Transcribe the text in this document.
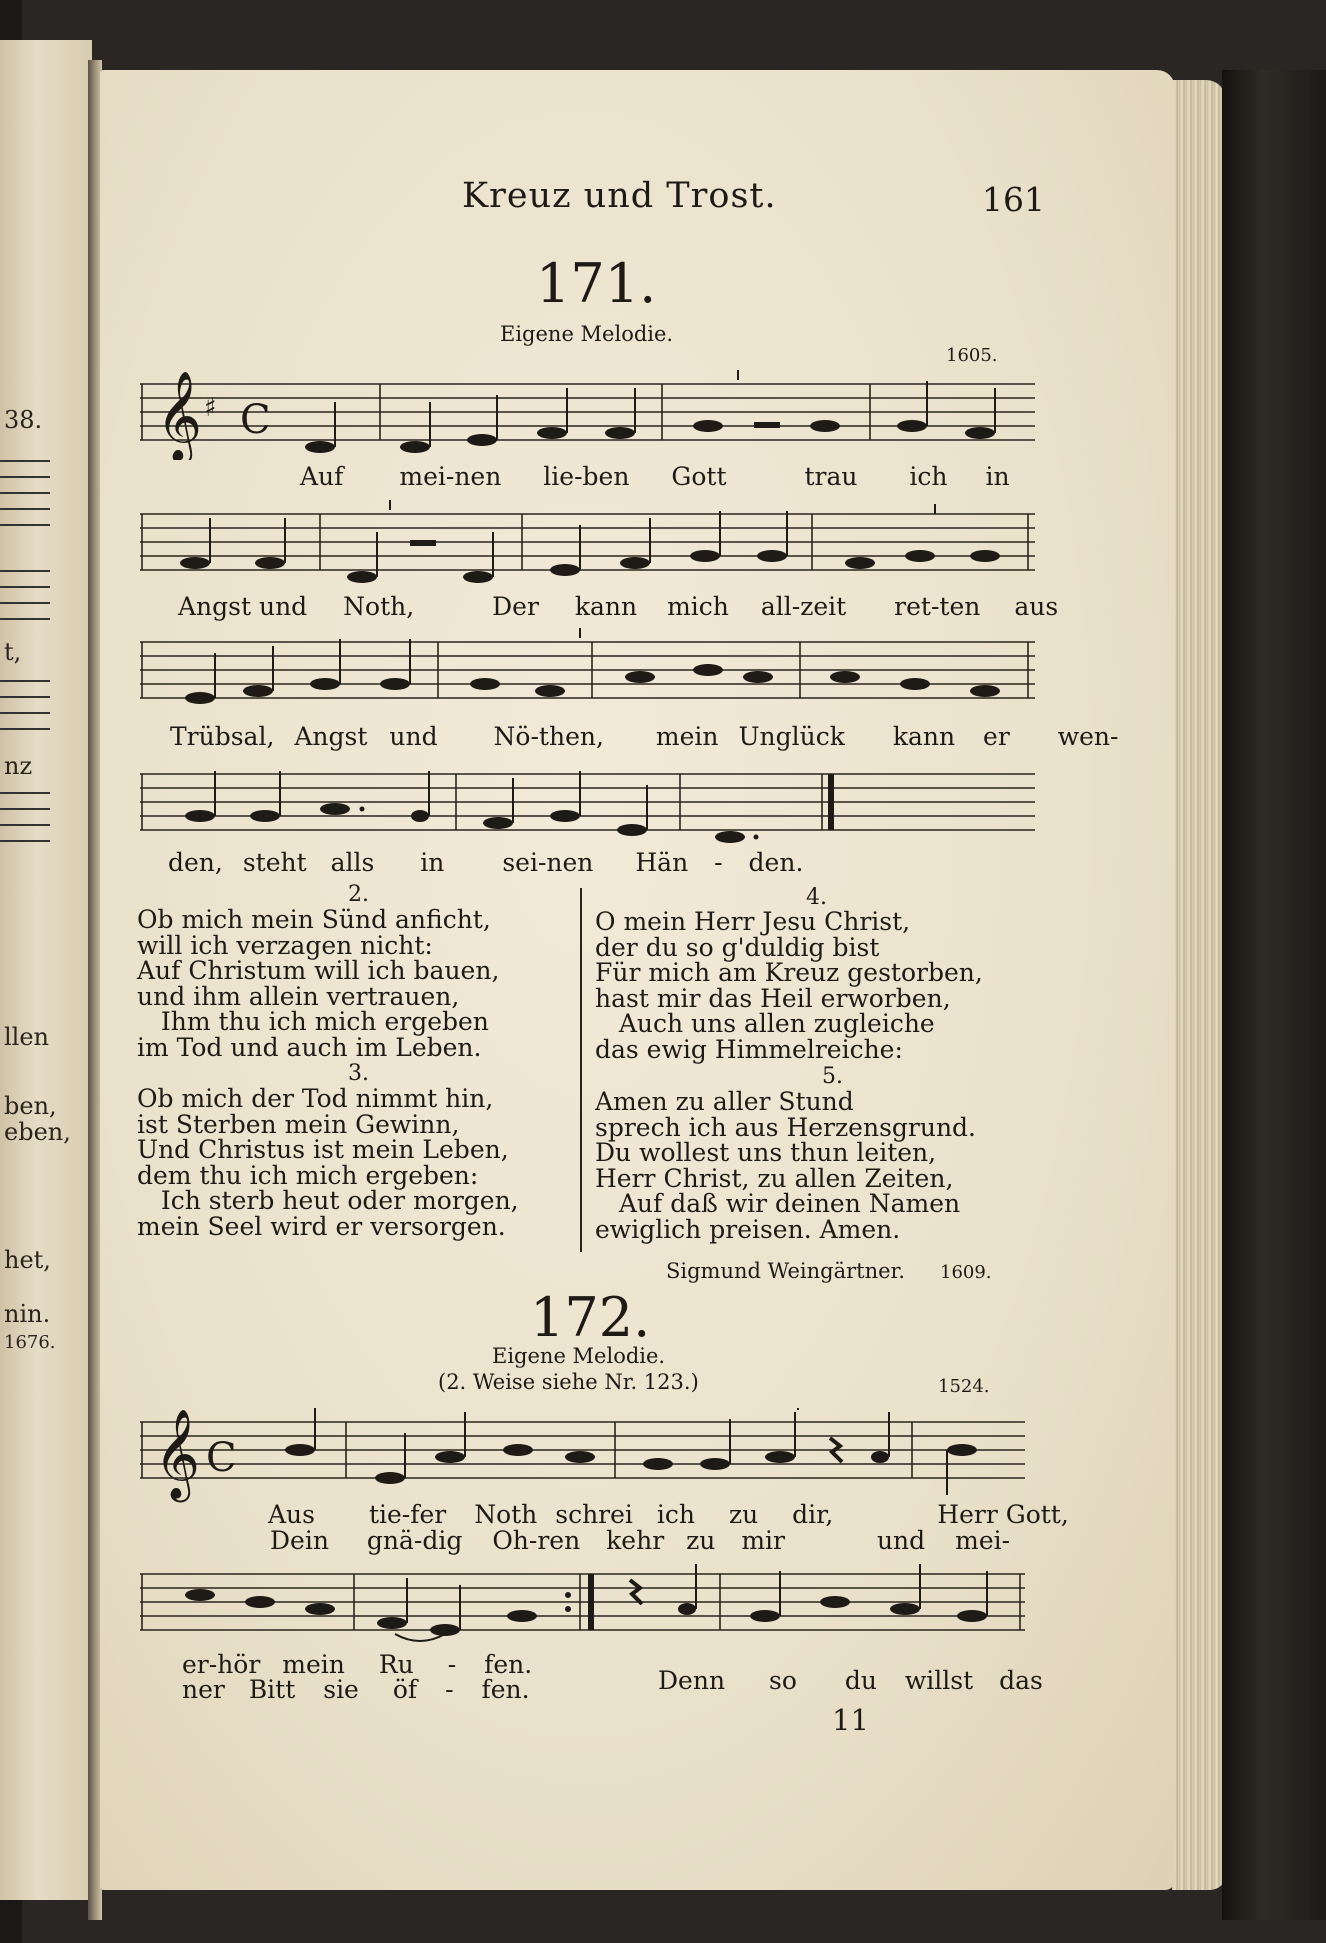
38.
t,
nz
llen
ben,
eben,
het,
nin.
1676.
Kreuz und Trost.	161
171.
Eigene Melodie.
1605.
𝄞 ♯ C
Auf mei-nen lie-ben Gott	trau ich in
Angst und Noth,	Der kann mich all-zeit ret-ten aus
Trübsal, Angst und Nö-then, mein Unglück kann er wen-
den, steht alls in sei-nen Hän - den.
2.
Ob mich mein Sünd anficht,
will ich verzagen nicht:
Auf Christum will ich bauen,
und ihm allein vertrauen,
Ihm thu ich mich ergeben
im Tod und auch im Leben.
3.
Ob mich der Tod nimmt hin,
ist Sterben mein Gewinn,
Und Christus ist mein Leben,
dem thu ich mich ergeben:
Ich sterb heut oder morgen,
mein Seel wird er versorgen.
4.
O mein Herr Jesu Christ,
der du so g'duldig bist
Für mich am Kreuz gestorben,
hast mir das Heil erworben,
Auch uns allen zugleiche
das ewig Himmelreiche:
5.
Amen zu aller Stund
sprech ich aus Herzensgrund.
Du wollest uns thun leiten,
Herr Christ, zu allen Zeiten,
Auf daß wir deinen Namen
ewiglich preisen. Amen.
Sigmund Weingärtner. 1609.
172.
Eigene Melodie.
(2. Weise siehe Nr. 123.)	1524.
𝄞 C
Aus tie-fer Noth schrei ich zu dir,	Herr Gott,
Dein gnä-dig Oh-ren kehr zu mir	und mei-
er-hör mein Ru - fen.
ner Bitt sie öf - fen.	Denn so du willst das
11
